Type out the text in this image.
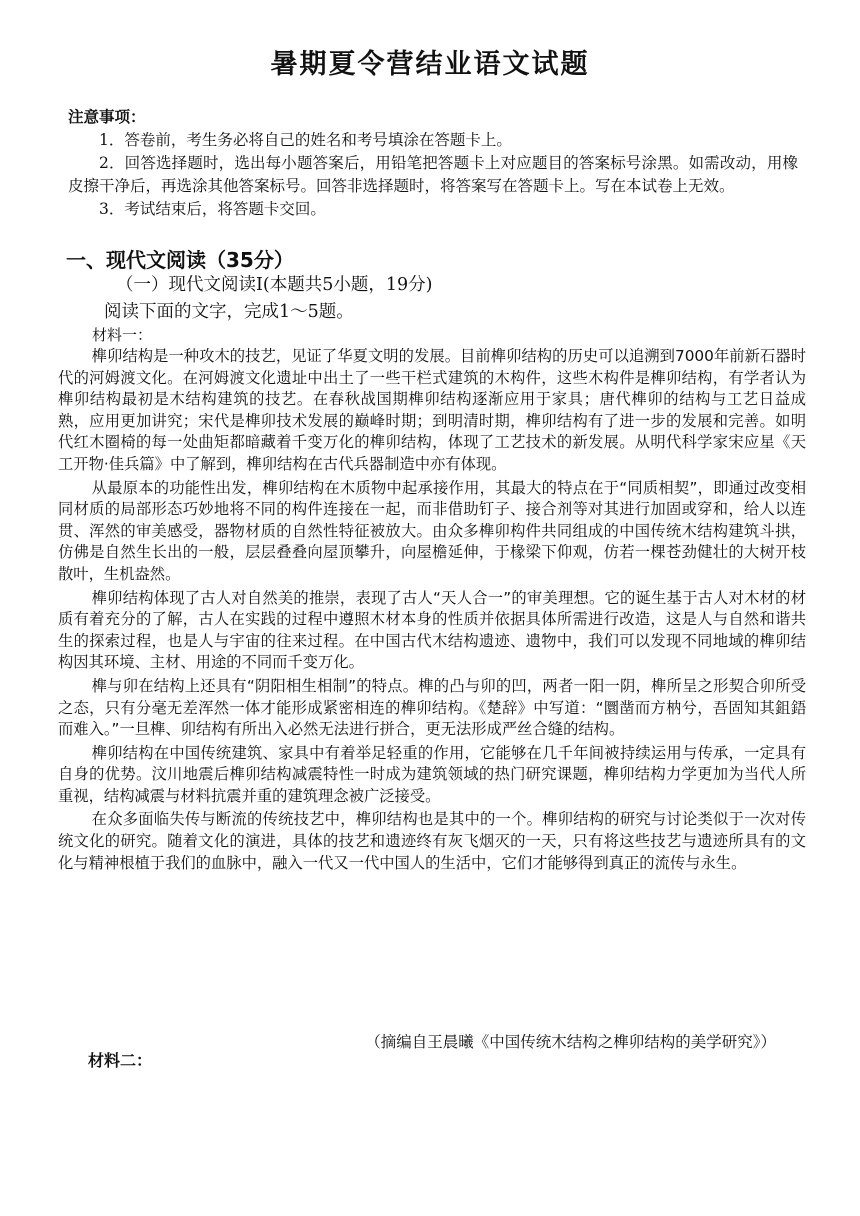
暑期夏令营结业语文试题
注意事项：

1．答卷前，考生务必将自己的姓名和考号填涂在答题卡上。

2．回答选择题时，选出每小题答案后，用铅笔把答题卡上对应题目的答案标号涂黑。如需改动，用橡皮擦干净后，再选涂其他答案标号。回答非选择题时，将答案写在答题卡上。写在本试卷上无效。

3．考试结束后，将答题卡交回。

一、现代文阅读（35分）
（一）现代文阅读Ⅰ(本题共5小题，19分)
阅读下面的文字，完成1～5题。
材料一：

榫卯结构是一种攻木的技艺，见证了华夏文明的发展。目前榫卯结构的历史可以追溯到7000年前新石器时代的河姆渡文化。在河姆渡文化遗址中出土了一些干栏式建筑的木构件，这些木构件是榫卯结构，有学者认为榫卯结构最初是木结构建筑的技艺。在春秋战国期榫卯结构逐渐应用于家具；唐代榫卯的结构与工艺日益成熟，应用更加讲究；宋代是榫卯技术发展的巅峰时期；到明清时期，榫卯结构有了进一步的发展和完善。如明代红木圈椅的每一处曲矩都暗藏着千变万化的榫卯结构，体现了工艺技术的新发展。从明代科学家宋应星《天工开物·佳兵篇》中了解到，榫卯结构在古代兵器制造中亦有体现。

从最原本的功能性出发，榫卯结构在木质物中起承接作用，其最大的特点在于“同质相契”，即通过改变相同材质的局部形态巧妙地将不同的构件连接在一起，而非借助钉子、接合剂等对其进行加固或穿和，给人以连贯、浑然的审美感受，器物材质的自然性特征被放大。由众多榫卯构件共同组成的中国传统木结构建筑斗拱，仿佛是自然生长出的一般，层层叠叠向屋顶攀升，向屋檐延伸，于椽梁下仰观，仿若一棵苍劲健壮的大树开枝散叶，生机盎然。

榫卯结构体现了古人对自然美的推崇，表现了古人“天人合一”的审美理想。它的诞生基于古人对木材的材质有着充分的了解，古人在实践的过程中遵照木材本身的性质并依据具体所需进行改造，这是人与自然和谐共生的探索过程，也是人与宇宙的往来过程。在中国古代木结构遗迹、遗物中，我们可以发现不同地域的榫卯结构因其环境、主材、用途的不同而千变万化。

榫与卯在结构上还具有“阴阳相生相制”的特点。榫的凸与卯的凹，两者一阳一阴，榫所呈之形契合卯所受之态，只有分毫无差浑然一体才能形成紧密相连的榫卯结构。《楚辞》中写道：“圜凿而方枘兮，吾固知其鉏鋙而难入。”一旦榫、卯结构有所出入必然无法进行拼合，更无法形成严丝合缝的结构。

榫卯结构在中国传统建筑、家具中有着举足轻重的作用，它能够在几千年间被持续运用与传承，一定具有自身的优势。汶川地震后榫卯结构减震特性一时成为建筑领域的热门研究课题，榫卯结构力学更加为当代人所重视，结构减震与材料抗震并重的建筑理念被广泛接受。

在众多面临失传与断流的传统技艺中，榫卯结构也是其中的一个。榫卯结构的研究与讨论类似于一次对传统文化的研究。随着文化的演进，具体的技艺和遗迹终有灰飞烟灭的一天，只有将这些技艺与遗迹所具有的文化与精神根植于我们的血脉中，融入一代又一代中国人的生活中，它们才能够得到真正的流传与永生。

（摘编自王晨曦《中国传统木结构之榫卯结构的美学研究》）
材料二：
